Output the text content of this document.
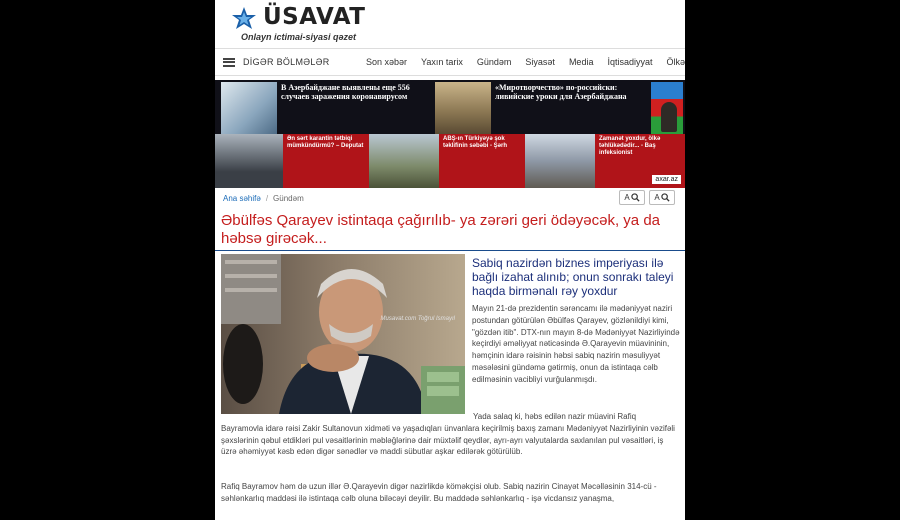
ÜSAVAT
Onlayn ictimai-siyasi qəzet
DİGƏR BÖLMƏLƏR	Son xəbər Yaxın tarix Gündəm Siyasət Media İqtisadiyyat Ölkə
В Азербайджане выявлены еще 556 случаев заражения коронавирусом
«Миротворчество» по-российски: ливийские уроки для Азербайджана
Ən sərt karantin tətbiqi mümkündürmü? – Deputat
ABŞ-ın Türkiyəyə şok təklifinin səbəbi - Şərh
Zamanət yoxdur, ölkə təhlükədədir... - Baş infeksionist
axar.az
Ana səhifə / Gündəm	A	A
Əbülfəs Qarayev istintaqa çağırılıb- ya zərəri geri ödəyəcək, ya da həbsə girəcək...
Musavat.com Toğrul Ismayıl
Sabiq nazirdən biznes imperiyası ilə bağlı izahat alınıb; onun sonrakı taleyi haqda birmənalı rəy yoxdur

Mayın 21-də prezidentin sərəncamı ilə mədəniyyət naziri postundan götürülən Əbülfəs Qarayev, gözlənildiyi kimi, "gözdən itib". DTX-nın mayın 8-də Mədəniyyət Nazirliyində keçirdiyi əməliyyat nəticəsində Ə.Qarayevin müavininin, həmçinin idarə rəisinin həbsi sabiq nazirin məsuliyyət məsələsini gündəmə gətirmiş, onun da istintaqa cəlb edilməsinin vacibliyi vurğulanmışdı.

Yada salaq ki, həbs edilən nazir müavini Rafiq Bayramovla idarə rəisi Zakir Sultanovun xidməti və yaşadıqları ünvanlara keçirilmiş baxış zamanı Mədəniyyət Nazirliyinin vəzifəli şəxslərinin qəbul etdikləri pul vəsaitlərinin məbləğlərinə dair müxtəlif qeydlər, ayrı-ayrı valyutalarda saxlanılan pul vəsaitləri, iş üzrə əhəmiyyət kəsb edən digər sənədlər və maddi sübutlar aşkar edilərək götürülüb.

Rafiq Bayramov həm də uzun illər Ə.Qarayevin digər nazirlikdə köməkçisi olub. Sabiq nazirin Cinayət Məcəlləsinin 314-cü - səhlənkarlıq maddəsi ilə istintaqa cəlb oluna biləcəyi deyilir. Bu maddədə səhlənkarlıq - işə vicdansız yanaşma,
